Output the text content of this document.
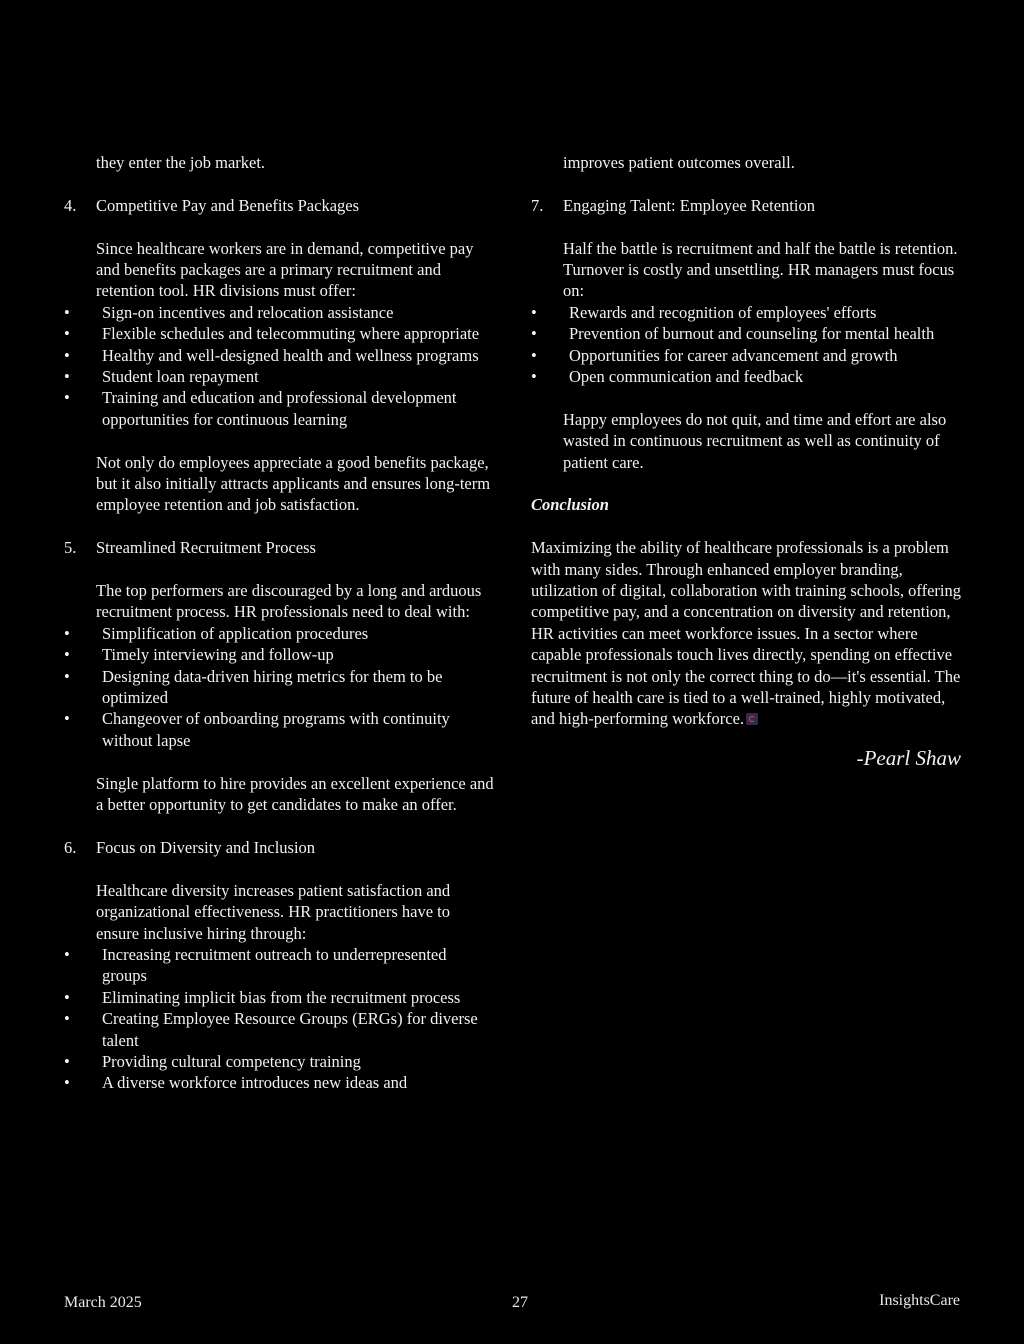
they enter the job market.

4.	Competitive Pay and Benefits Packages

Since healthcare workers are in demand, competitive pay and benefits packages are a primary recruitment and retention tool. HR divisions must offer:

•	Sign-on incentives and relocation assistance
•	Flexible schedules and telecommuting where appropriate
•	Healthy and well-designed health and wellness programs
•	Student loan repayment
•	Training and education and professional development opportunities for continuous learning

Not only do employees appreciate a good benefits package, but it also initially attracts applicants and ensures long-term employee retention and job satisfaction.

5.	Streamlined Recruitment Process

The top performers are discouraged by a long and arduous recruitment process. HR professionals need to deal with:

•	Simplification of application procedures
•	Timely interviewing and follow-up
•	Designing data-driven hiring metrics for them to be optimized
•	Changeover of onboarding programs with continuity without lapse

Single platform to hire provides an excellent experience and a better opportunity to get candidates to make an offer.

6.	Focus on Diversity and Inclusion

Healthcare diversity increases patient satisfaction and organizational effectiveness. HR practitioners have to ensure inclusive hiring through:

•	Increasing recruitment outreach to underrepresented groups
•	Eliminating implicit bias from the recruitment process
•	Creating Employee Resource Groups (ERGs) for diverse talent
•	Providing cultural competency training
•	A diverse workforce introduces new ideas and

improves patient outcomes overall.

7.	Engaging Talent: Employee Retention

Half the battle is recruitment and half the battle is retention. Turnover is costly and unsettling. HR managers must focus on:

•	Rewards and recognition of employees' efforts
•	Prevention of burnout and counseling for mental health
•	Opportunities for career advancement and growth
•	Open communication and feedback

Happy employees do not quit, and time and effort are also wasted in continuous recruitment as well as continuity of patient care.

Conclusion

Maximizing the ability of healthcare professionals is a problem with many sides. Through enhanced employer branding, utilization of digital, collaboration with training schools, offering competitive pay, and a concentration on diversity and retention, HR activities can meet workforce issues. In a sector where capable professionals touch lives directly, spending on effective recruitment is not only the correct thing to do—it's essential. The future of health care is tied to a well-trained, highly motivated, and high-performing workforce.

-Pearl Shaw
March 2025	27	InsightsCare
